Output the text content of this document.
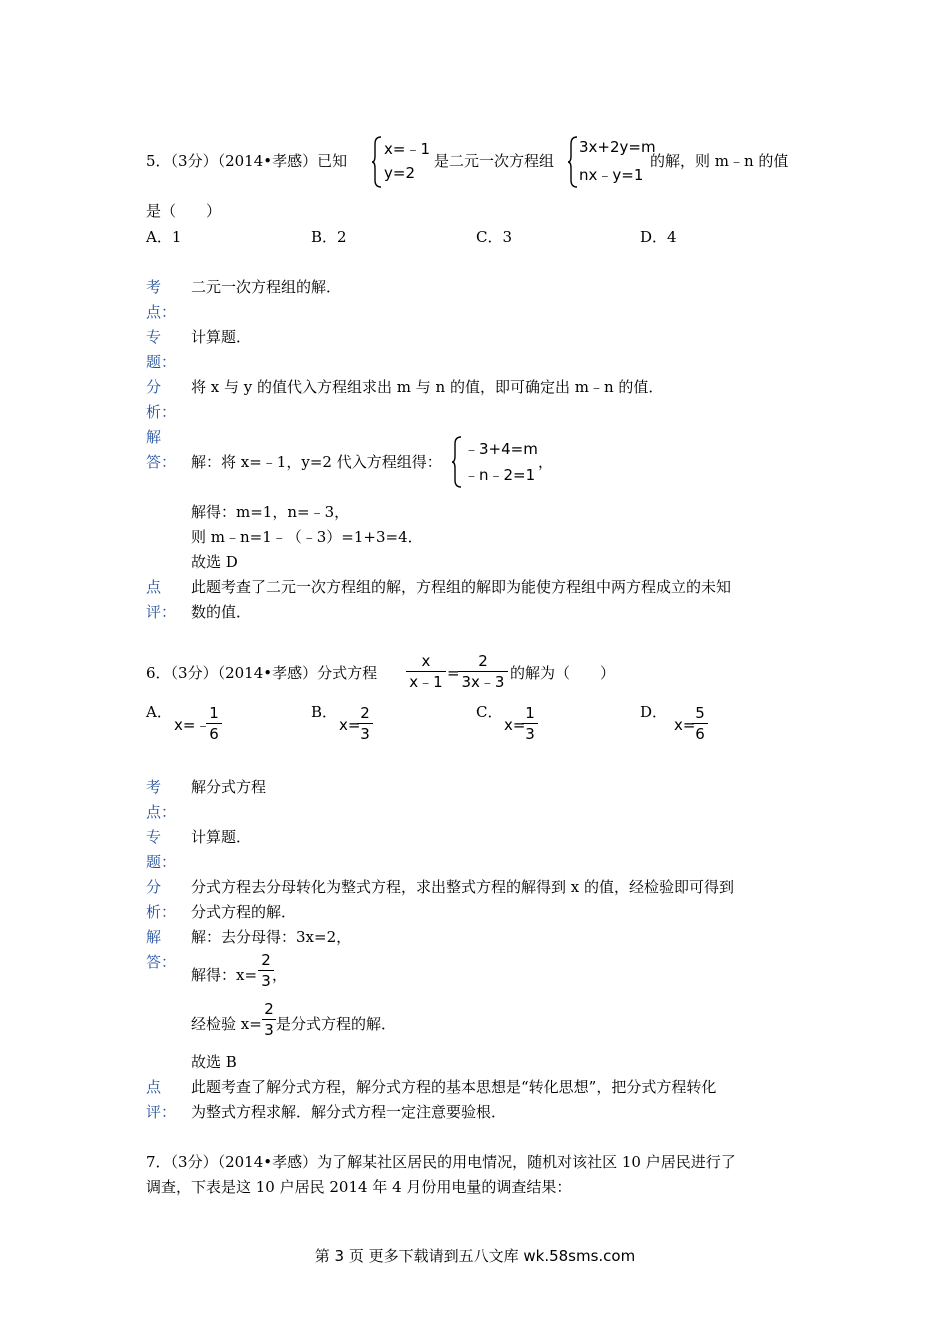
5．（3分）（2014•孝感）已知
x=﹣1
y=2
是二元一次方程组
3x+2y=m
nx﹣y=1
的解，则 m﹣n 的值
是（　　）
A．1	B．2	C．3	D．4
考
点：
二元一次方程组的解．
专
题：
计算题．
分
析：
将 x 与 y 的值代入方程组求出 m 与 n 的值，即可确定出 m﹣n 的值．
解
答： 解：将 x=﹣1，y=2 代入方程组得：
﹣3+4=m
﹣n﹣2=1
，
解得：m=1，n=﹣3，
则 m﹣n=1﹣（﹣3）=1+3=4．
故选 D
点
评：
此题考查了二元一次方程组的解，方程组的解即为能使方程组中两方程成立的未知
数的值．
6．（3分）（2014•孝感）分式方程
x
x﹣1 =
2
3x﹣3 的解为（　　）
A．
x=﹣
1
6
B．
x=
2
3
C．
x=
1
3
D．
x=
5
6
考
点：
解分式方程
专
题：
计算题．
分
析：
分式方程去分母转化为整式方程，求出整式方程的解得到 x 的值，经检验即可得到
分式方程的解．
解
答：
解：去分母得：3x=2，
解得：x=
2
3 ，
经检验 x=
2
3 是分式方程的解．
故选 B
点
评：
此题考查了解分式方程，解分式方程的基本思想是“转化思想”，把分式方程转化
为整式方程求解．解分式方程一定注意要验根．
7．（3分）（2014•孝感）为了解某社区居民的用电情况，随机对该社区 10 户居民进行了
调查，下表是这 10 户居民 2014 年 4 月份用电量的调查结果：
第 3 页 更多下载请到五八文库 wk.58sms.com
